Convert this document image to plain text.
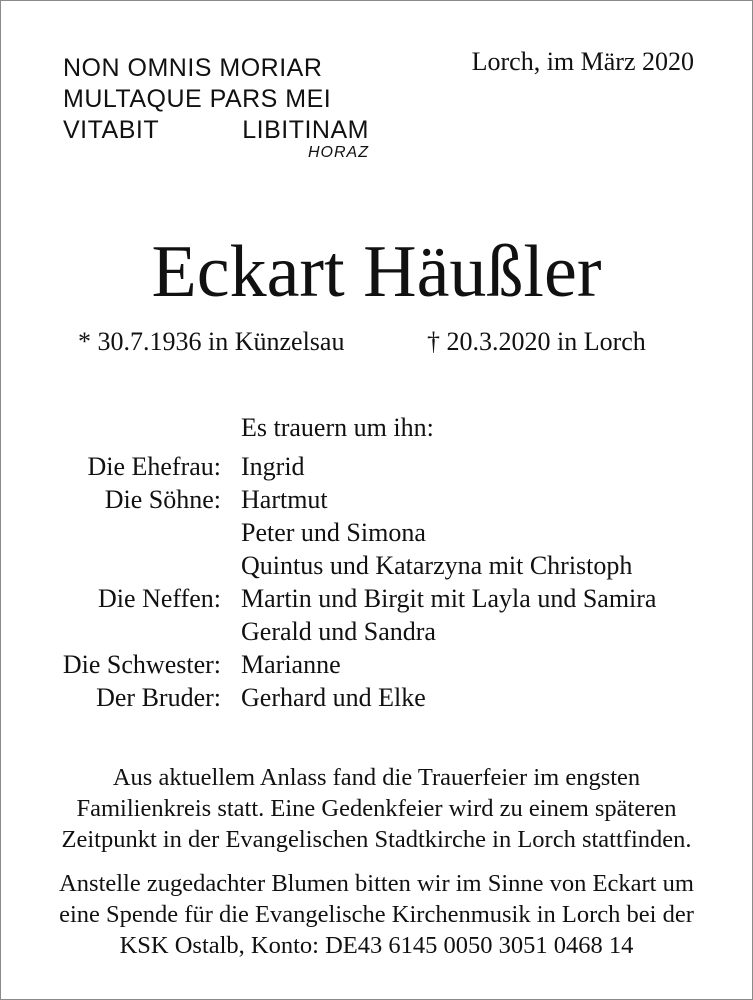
NON OMNIS MORIAR
MULTAQUE PARS MEI
VITABIT	LIBITINAM
HORAZ
Lorch, im März 2020
Eckart Häußler
* 30.7.1936 in Künzelsau	† 20.3.2020 in Lorch
Es trauern um ihn:
Die Ehefrau: Ingrid
Die Söhne: Hartmut
Peter und Simona
Quintus und Katarzyna mit Christoph
Die Neffen: Martin und Birgit mit Layla und Samira
Gerald und Sandra
Die Schwester: Marianne
Der Bruder: Gerhard und Elke
Aus aktuellem Anlass fand die Trauerfeier im engsten
Familienkreis statt. Eine Gedenkfeier wird zu einem späteren
Zeitpunkt in der Evangelischen Stadtkirche in Lorch stattfinden.
Anstelle zugedachter Blumen bitten wir im Sinne von Eckart um
eine Spende für die Evangelische Kirchenmusik in Lorch bei der
KSK Ostalb, Konto: DE43 6145 0050 3051 0468 14
